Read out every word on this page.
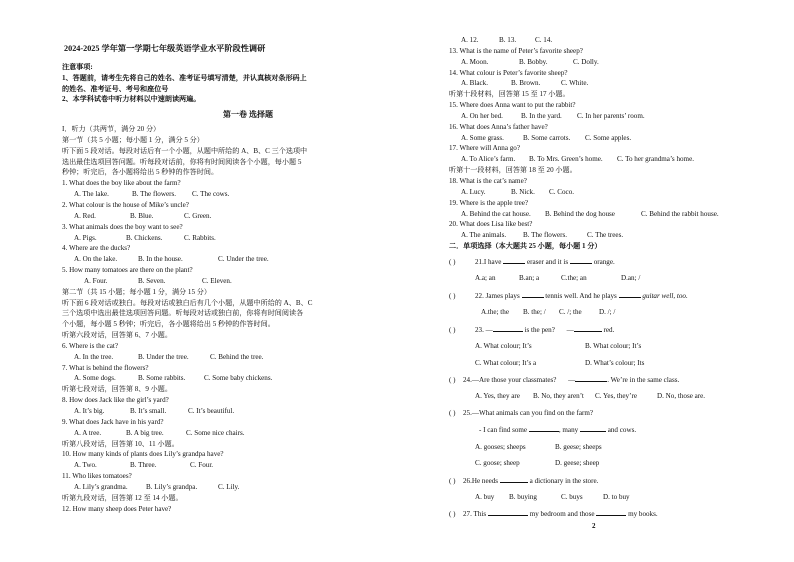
2024-2025 学年第一学期七年级英语学业水平阶段性调研
注意事项:
1、答题前，请考生先将自己的姓名、准考证号填写清楚，并认真核对条形码上
的姓名、准考证号、考号和座位号
2、本学科试卷中听力材料以中速朗读两遍。
第一卷 选择题
I．听力（共两节，满分 20 分）
第一节（共 5 小题；每小题 1 分，满分 5 分）
听下面 5 段对话。每段对话后有一个小题，从题中所给的 A、B、C 三个选项中
选出最佳选项回答问题。听每段对话前，你将有时间阅读各个小题，每小题 5
秒钟；听完后，各小题将给出 5 秒钟的作答时间。
1. What does the boy like about the farm?
A. The lake.	B. The flowers. C. The cows.
2. What colour is the house of Mike’s uncle?
A. Red.	B. Blue.	C. Green.
3. What animals does the boy want to see?
A. Pigs.	B. Chickens.	C. Rabbits.
4. Where are the ducks?
A. On the lake.	B. In the house.	C. Under the tree.
5. How many tomatoes are there on the plant?
A. Four.	B. Seven.	C. Eleven.
第二节（共 15 小题；每小题 1 分，满分 15 分）
听下面 6 段对话或独白。每段对话或独白后有几个小题，从题中所给的 A、B、C
三个选项中选出最佳选项回答问题。听每段对话或独白前，你将有时间阅读各
个小题，每小题 5 秒钟；听完后，各小题将给出 5 秒钟的作答时间。
听第六段对话，回答第 6、7 小题。
6. Where is the cat?
A. In the tree.	B. Under the tree.	C. Behind the tree.
7. What is behind the flowers?
A. Some dogs.	B. Some rabbits.	C. Some baby chickens.
听第七段对话，回答第 8、9 小题。
8. How does Jack like the girl’s yard?
A. It’s big.	B. It’s small.	C. It’s beautiful.
9. What does Jack have in his yard?
A. A tree.	B. A big tree.	C. Some nice chairs.
听第八段对话，回答第 10、11 小题。
10. How many kinds of plants does Lily’s grandpa have?
A. Two.	B. Three.	C. Four.
11. Who likes tomatoes?
A. Lily’s grandma.	B. Lily’s grandpa.	C. Lily.
听第九段对话，回答第 12 至 14 小题。
12. How many sheep does Peter have?
A. 12.	B. 13.	C. 14.
13. What is the name of Peter’s favorite sheep?
A. Moon.	B. Bobby.	C. Dolly.
14. What colour is Peter’s favorite sheep?
A. Black.	B. Brown.	C. White.
听第十段材料，回答第 15 至 17 小题。
15. Where does Anna want to put the rabbit?
A. On her bed.	B. In the yard. C. In her parents’ room.
16. What does Anna’s father have?
A. Some grass.	B. Some carrots. C. Some apples.
17. Where will Anna go?
A. To Alice’s farm. B. To Mrs. Green’s home. C. To her grandma’s home.
听第十一段材料，回答第 18 至 20 小题。
18. What is the cat’s name?
A. Lucy.	B. Nick. C. Coco.
19. Where is the apple tree?
A. Behind the cat house. B. Behind the dog house	C. Behind the rabbit house.
20. What does Lisa like best?
A. The animals. B. The flowers.	C. The trees.
二．单项选择（本大题共 25 小题，每小题 1 分）
( )	21.I have	eraser and it is	orange.
A.a; an	B.an; a	C.the; an	D.an; /
( )	22. James plays	tennis well. And he plays	guitar well, too.
A.the; the B. the; / C. /; the D. /; /
( )	23. —	is the pen? —	red.
A. What colour; It’s	B. What colour; It’s
C. What colour; It’s a	D. What’s colour; Its
( ) 24.—Are those your classmates? —	. We’re in the same class.
A. Yes, they are B. No, they aren’t C. Yes, they’re	D. No, those are.
( ) 25.—What animals can you find on the farm?
- I can find some	, many	and cows.
A. gooses; sheeps	B. geese; sheeps
C. goose; sheep	D. geese; sheep
( ) 26.He needs	a dictionary in the store.
A. buy B. buying	C. buys	D. to buy
( ) 27. This	my bedroom and those	my books.
2
